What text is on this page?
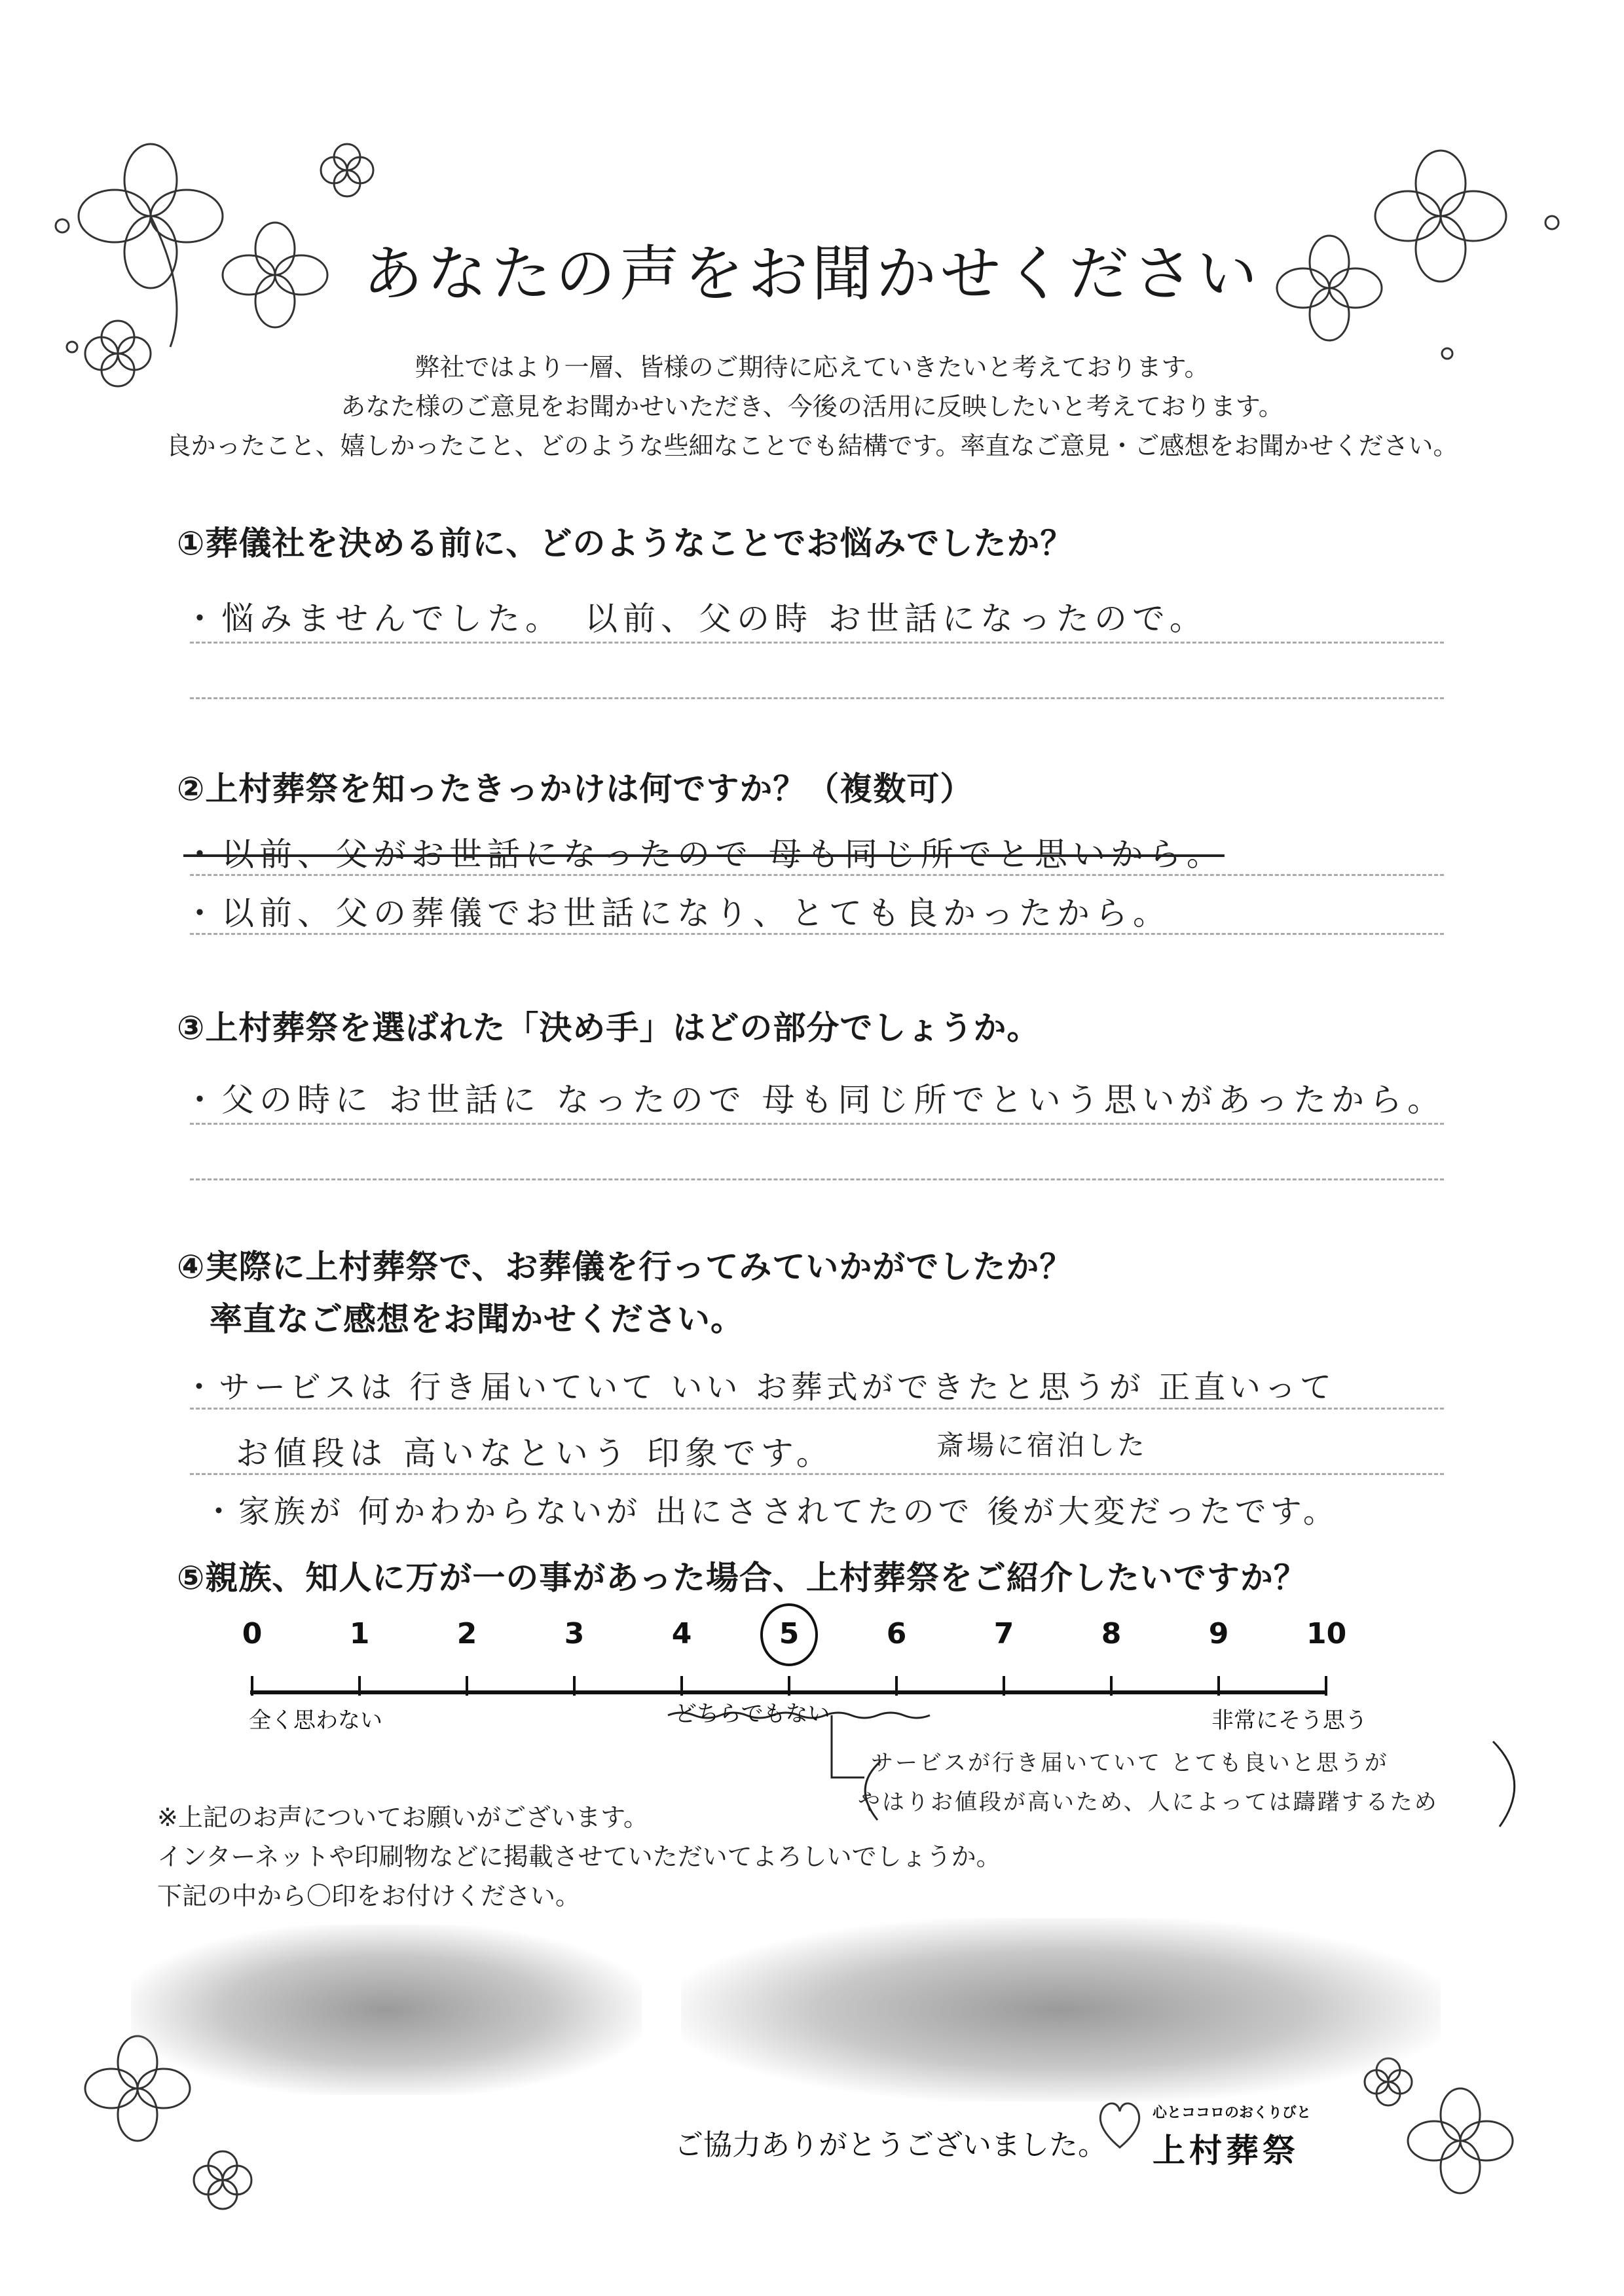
あなたの声をお聞かせください
弊社ではより一層、皆様のご期待に応えていきたいと考えております。
あなた様のご意見をお聞かせいただき、今後の活用に反映したいと考えております。
良かったこと、嬉しかったこと、どのような些細なことでも結構です。率直なご意見・ご感想をお聞かせください。
①葬儀社を決める前に、どのようなことでお悩みでしたか？
・悩みませんでした。　以前、父の時 お世話になったので。
②上村葬祭を知ったきっかけは何ですか？（複数可）
・以前、父がお世話になったので 母も同じ所でと思いから。
・以前、父の葬儀でお世話になり、とても良かったから。
③上村葬祭を選ばれた「決め手」はどの部分でしょうか。
・父の時に お世話に なったので 母も同じ所でという思いがあったから。
④実際に上村葬祭で、お葬儀を行ってみていかがでしたか？
率直なご感想をお聞かせください。
・サービスは 行き届いていて いい お葬式ができたと思うが 正直いって
お値段は 高いなという 印象です。	斎場に宿泊した
・家族が 何かわからないが 出にさされてたので 後が大変だったです。
⑤親族、知人に万が一の事があった場合、上村葬祭をご紹介したいですか？
0	1	2	3	4	5	6	7	8	9	10
全く思わない	どちらでもない	非常にそう思う
サービスが行き届いていて とても良いと思うが
やはりお値段が高いため、人によっては躊躇するため
※上記のお声についてお願いがございます。
インターネットや印刷物などに掲載させていただいてよろしいでしょうか。
下記の中から〇印をお付けください。
ご協力ありがとうございました。
心とココロのおくりびと
上村葬祭
